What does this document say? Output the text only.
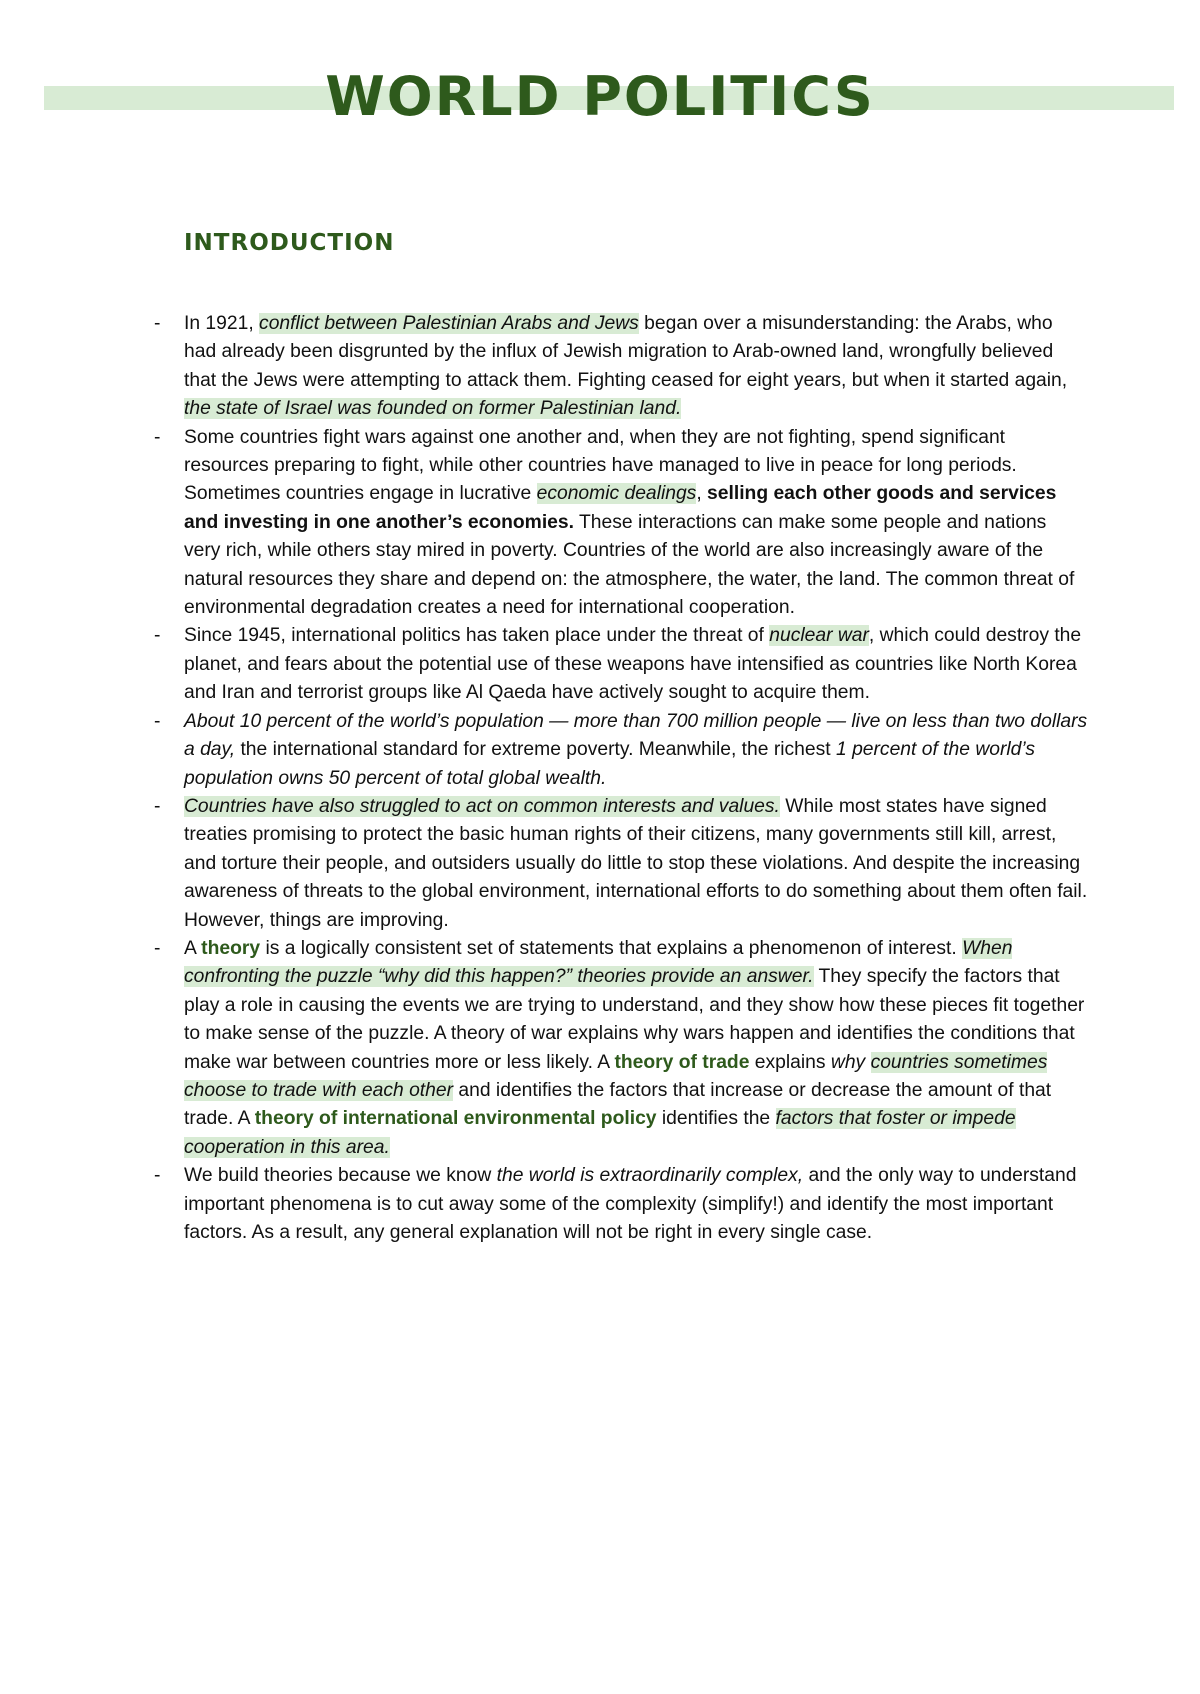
WORLD POLITICS
INTRODUCTION
- In 1921, conflict between Palestinian Arabs and Jews began over a misunderstanding: the Arabs, who had already been disgrunted by the influx of Jewish migration to Arab-owned land, wrongfully believed that the Jews were attempting to attack them. Fighting ceased for eight years, but when it started again, the state of Israel was founded on former Palestinian land.
- Some countries fight wars against one another and, when they are not fighting, spend significant resources preparing to fight, while other countries have managed to live in peace for long periods. Sometimes countries engage in lucrative economic dealings, selling each other goods and services and investing in one another’s economies. These interactions can make some people and nations very rich, while others stay mired in poverty. Countries of the world are also increasingly aware of the natural resources they share and depend on: the atmosphere, the water, the land. The common threat of environmental degradation creates a need for international cooperation.
- Since 1945, international politics has taken place under the threat of nuclear war, which could destroy the planet, and fears about the potential use of these weapons have intensified as countries like North Korea and Iran and terrorist groups like Al Qaeda have actively sought to acquire them.
- About 10 percent of the world’s population — more than 700 million people — live on less than two dollars a day, the international standard for extreme poverty. Meanwhile, the richest 1 percent of the world’s population owns 50 percent of total global wealth.
- Countries have also struggled to act on common interests and values. While most states have signed treaties promising to protect the basic human rights of their citizens, many governments still kill, arrest, and torture their people, and outsiders usually do little to stop these violations. And despite the increasing awareness of threats to the global environment, international efforts to do something about them often fail. However, things are improving.
- A theory is a logically consistent set of statements that explains a phenomenon of interest. When confronting the puzzle “why did this happen?” theories provide an answer. They specify the factors that play a role in causing the events we are trying to understand, and they show how these pieces fit together to make sense of the puzzle. A theory of war explains why wars happen and identifies the conditions that make war between countries more or less likely. A theory of trade explains why countries sometimes choose to trade with each other and identifies the factors that increase or decrease the amount of that trade. A theory of international environmental policy identifies the factors that foster or impede cooperation in this area.
- We build theories because we know the world is extraordinarily complex, and the only way to understand important phenomena is to cut away some of the complexity (simplify!) and identify the most important factors. As a result, any general explanation will not be right in every single case.
